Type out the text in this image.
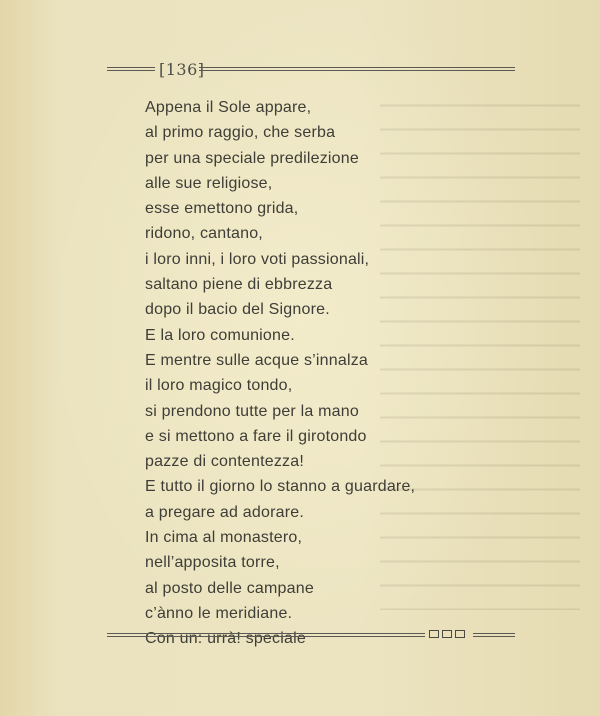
[136]
Appena il Sole appare,
al primo raggio, che serba
per una speciale predilezione
alle sue religiose,
esse emettono grida,
ridono, cantano,
i loro inni, i loro voti passionali,
saltano piene di ebbrezza
dopo il bacio del Signore.
E la loro comunione.
E mentre sulle acque s’innalza
il loro magico tondo,
si prendono tutte per la mano
e si mettono a fare il girotondo
pazze di contentezza!
E tutto il giorno lo stanno a guardare,
a pregare ad adorare.
In cima al monastero,
nell’apposita torre,
al posto delle campane
c’ànno le meridiane.
Con un: urrà! speciale
